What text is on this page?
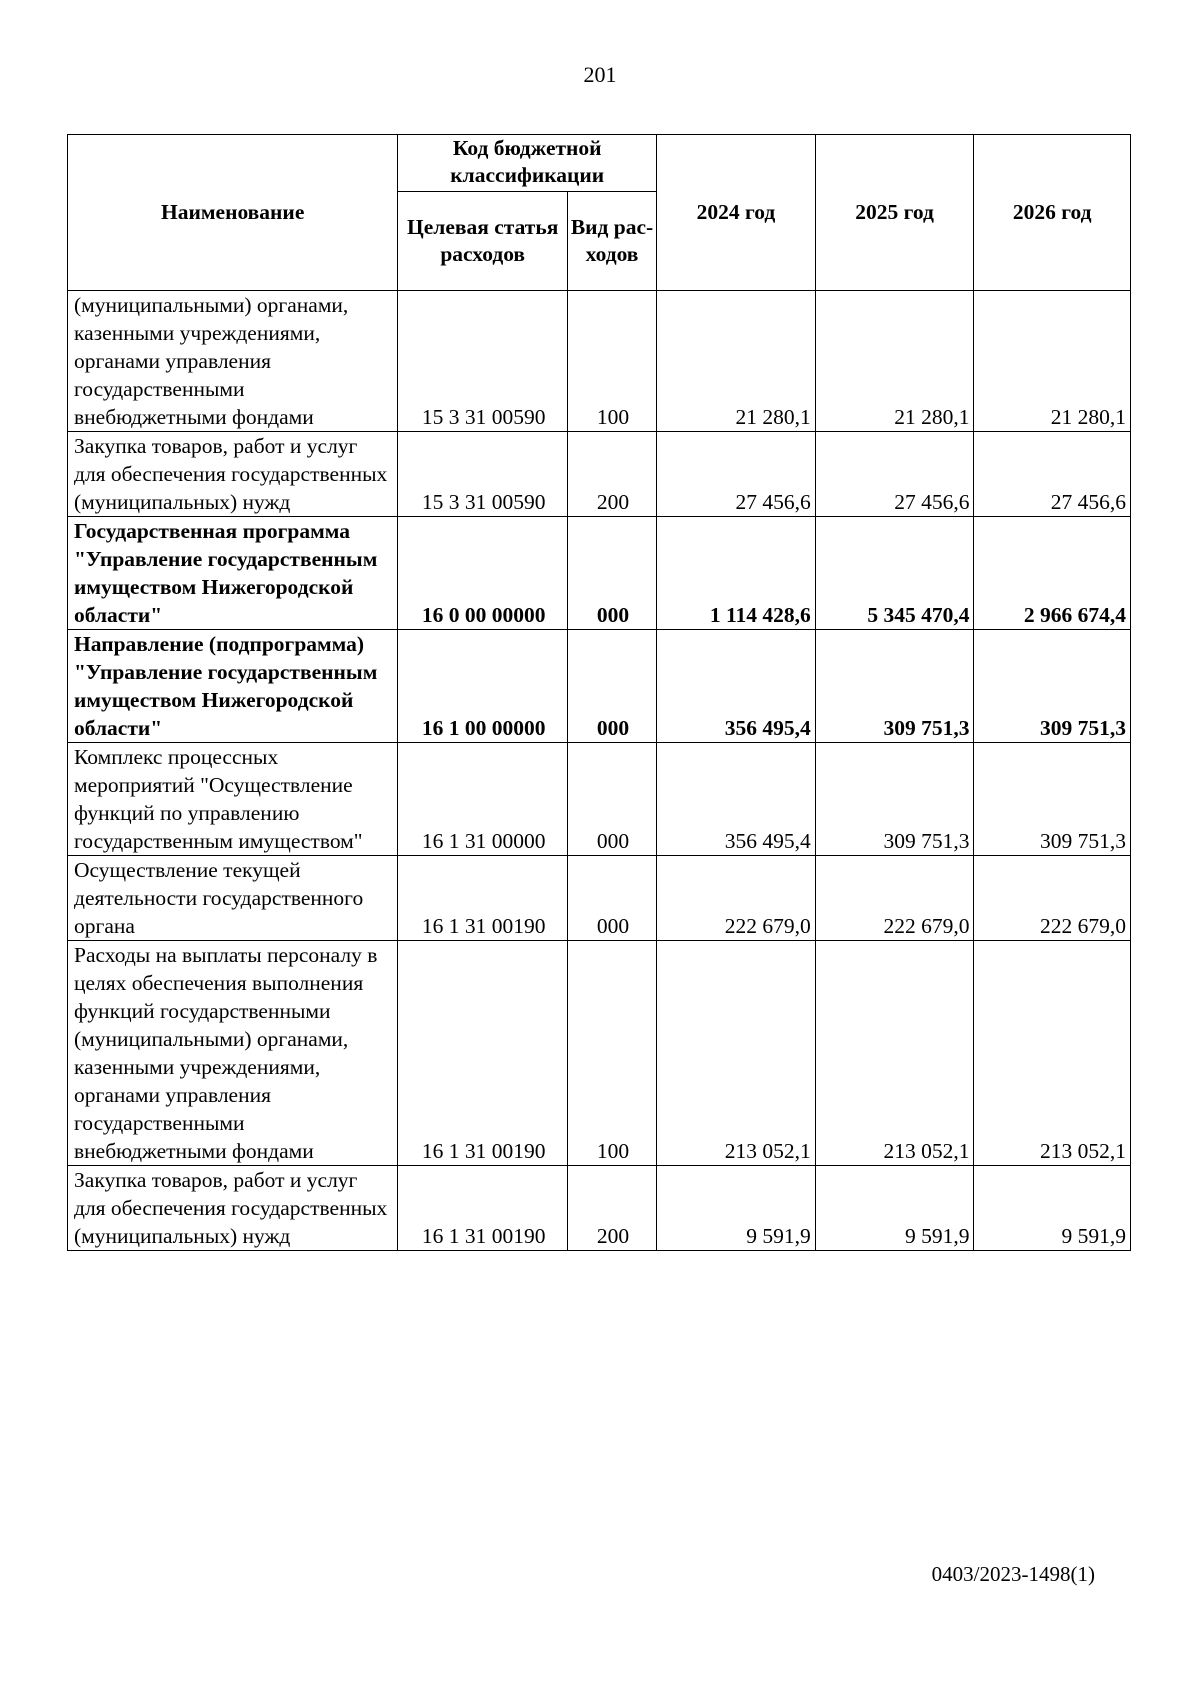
201
Наименование	Код бюджетной классификации		2024 год	2025 год	2026 год
	Целевая статья расходов	Вид рас-ходов			
(муниципальными) органами, казенными учреждениями, органами управления государственными внебюджетными фондами	15 3 31 00590	100	21 280,1	21 280,1	21 280,1
Закупка товаров, работ и услуг для обеспечения государственных (муниципальных) нужд	15 3 31 00590	200	27 456,6	27 456,6	27 456,6
Государственная программа "Управление государственным имуществом Нижегородской области"	16 0 00 00000	000	1 114 428,6	5 345 470,4	2 966 674,4
Направление (подпрограмма) "Управление государственным имуществом Нижегородской области"	16 1 00 00000	000	356 495,4	309 751,3	309 751,3
Комплекс процессных мероприятий "Осуществление функций по управлению государственным имуществом"	16 1 31 00000	000	356 495,4	309 751,3	309 751,3
Осуществление текущей деятельности государственного органа	16 1 31 00190	000	222 679,0	222 679,0	222 679,0
Расходы на выплаты персоналу в целях обеспечения выполнения функций государственными (муниципальными) органами, казенными учреждениями, органами управления государственными внебюджетными фондами	16 1 31 00190	100	213 052,1	213 052,1	213 052,1
Закупка товаров, работ и услуг для обеспечения государственных (муниципальных) нужд	16 1 31 00190	200	9 591,9	9 591,9	9 591,9
0403/2023-1498(1)
